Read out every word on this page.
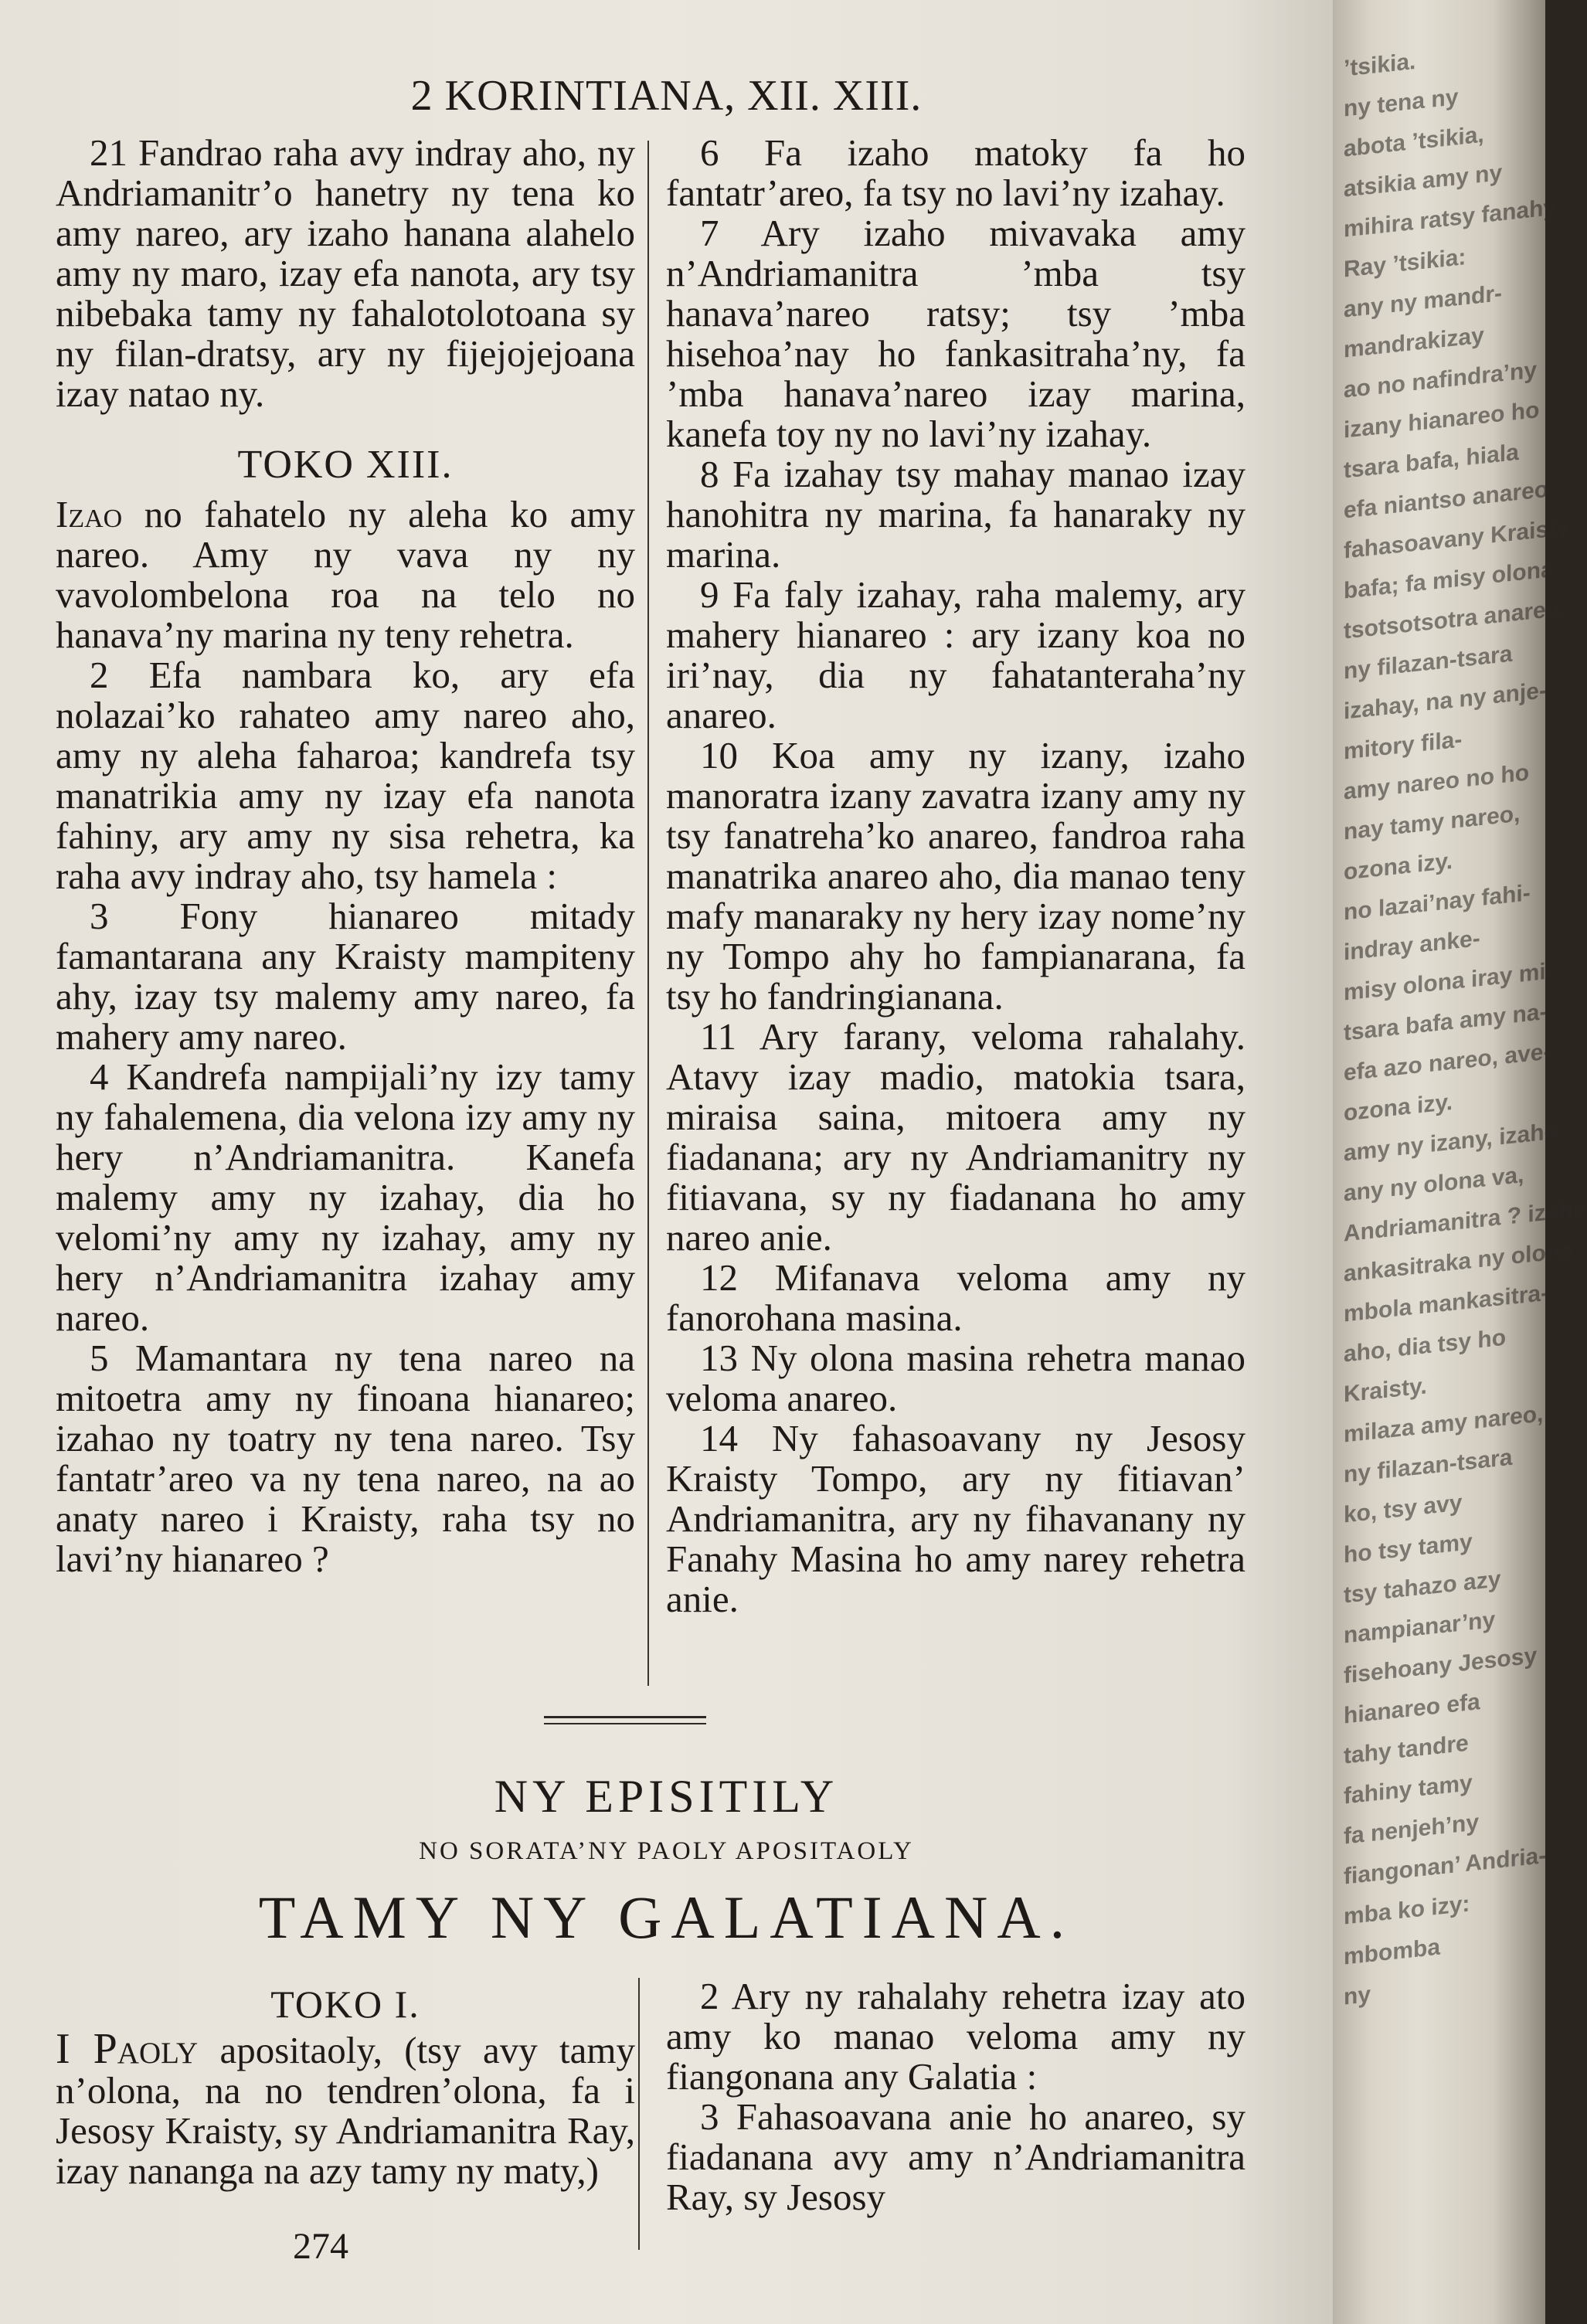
2 KORINTIANA, XII. XIII.

21 Fandrao raha avy indray aho, ny Andriamanitr’o hanetry ny tena ko amy nareo, ary izaho hanana alahelo amy ny maro, izay efa nanota, ary tsy nibebaka tamy ny fahalotolotoana sy ny filan-dratsy, ary ny fijejojejoana izay natao ny.

TOKO XIII.

Izao no fahatelo ny aleha ko amy nareo. Amy ny vava ny ny vavolombelona roa na telo no hanava’ny marina ny teny rehetra.

2 Efa nambara ko, ary efa nolazai’ko rahateo amy nareo aho, amy ny aleha faharoa; kandrefa tsy manatrikia amy ny izay efa nanota fahiny, ary amy ny sisa rehetra, ka raha avy indray aho, tsy hamela :

3 Fony hianareo mitady famantarana any Kraisty mampiteny ahy, izay tsy malemy amy nareo, fa mahery amy nareo.

4 Kandrefa nampijali’ny izy tamy ny fahalemena, dia velona izy amy ny hery n’Andriamanitra. Kanefa malemy amy ny izahay, dia ho velomi’ny amy ny izahay, amy ny hery n’Andriamanitra izahay amy nareo.

5 Mamantara ny tena nareo na mitoetra amy ny finoana hianareo; izahao ny toatry ny tena nareo. Tsy fantatr’areo va ny tena nareo, na ao anaty nareo i Kraisty, raha tsy no lavi’ny hianareo ?

6 Fa izaho matoky fa ho fantatr’areo, fa tsy no lavi’ny izahay.

7 Ary izaho mivavaka amy n’Andriamanitra ’mba tsy hanava’nareo ratsy; tsy ’mba hisehoa’nay ho fankasitraha’ny, fa ’mba hanava’nareo izay marina, kanefa toy ny no lavi’ny izahay.

8 Fa izahay tsy mahay manao izay hanohitra ny marina, fa hanaraky ny marina.

9 Fa faly izahay, raha malemy, ary mahery hianareo : ary izany koa no iri’nay, dia ny fahatanteraha’ny anareo.

10 Koa amy ny izany, izaho manoratra izany zavatra izany amy ny tsy fanatreha’ko anareo, fandroa raha manatrika anareo aho, dia manao teny mafy manaraky ny hery izay nome’ny ny Tompo ahy ho fampianarana, fa tsy ho fandringianana.

11 Ary farany, veloma rahalahy. Atavy izay madio, matokia tsara, miraisa saina, mitoera amy ny fiadanana; ary ny Andriamanitry ny fitiavana, sy ny fiadanana ho amy nareo anie.

12 Mifanava veloma amy ny fanorohana masina.

13 Ny olona masina rehetra manao veloma anareo.

14 Ny fahasoavany ny Jesosy Kraisty Tompo, ary ny fitiavan’ Andriamanitra, ary ny fihavanany ny Fanahy Masina ho amy narey rehetra anie.

NY EPISITILY
NO SORATA’NY PAOLY APOSITAOLY
TAMY NY GALATIANA.
TOKO I.

I Paoly apositaoly, (tsy avy tamy n’olona, na no tendren’olona, fa i Jesosy Kraisty, sy Andriamanitra Ray, izay nananga na azy tamy ny maty,)

2 Ary ny rahalahy rehetra izay ato amy ko manao veloma amy ny fiangonana any Galatia :

3 Fahasoavana anie ho anareo, sy fiadanana avy amy n’Andriamanitra Ray, sy Jesosy

274
’tsikia.
ny tena ny
abota ’tsikia,
atsikia amy ny
mihira ratsy fanahy
Ray ’tsikia:
any ny mandr-
mandrakizay
ao no nafindra’ny
izany hianareo ho
tsara bafa, hiala
efa niantso anareo
fahasoavany Kraisty:
bafa; fa misy olona
tsotsotsotra anareo,
ny filazan-tsara
izahay, na ny anje-
mitory fila-
amy nareo no ho
nay tamy nareo,
ozona izy.
no lazai’nay fahi-
indray anke-
misy olona iray mi-
tsara bafa amy na-
efa azo nareo, ave-
ozona izy.
amy ny izany, izaho
any ny olona va,
Andriamanitra ? izaho
ankasitraka ny olona
mbola mankasitra-
aho, dia tsy ho
Kraisty.
milaza amy nareo,
ny filazan-tsara
ko, tsy avy
ho tsy tamy
tsy tahazo azy
nampianar’ny
fisehoany Jesosy
hianareo efa
tahy tandre
fahiny tamy
fa nenjeh’ny
fiangonan’ Andria-
mba ko izy:
mbomba
ny
